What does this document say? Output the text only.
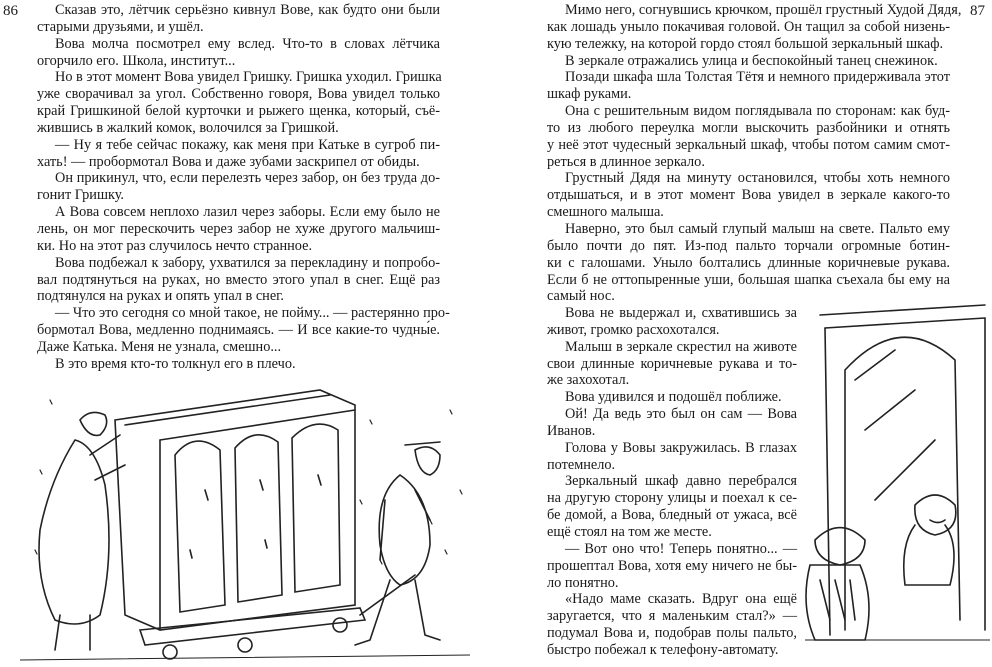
86	87
Сказав это, лётчик серьёзно кивнул Вове, как будто они были
старыми друзьями, и ушёл.
Вова молча посмотрел ему вслед. Что-то в словах лётчика
огорчило его. Школа, институт...
Но в этот момент Вова увидел Гришку. Гришка уходил. Гришка
уже сворачивал за угол. Собственно говоря, Вова увидел только
край Гришкиной белой курточки и рыжего щенка, который, съё-
жившись в жалкий комок, волочился за Гришкой.
— Ну я тебе сейчас покажу, как меня при Катьке в сугроб пи-
хать! — пробормотал Вова и даже зубами заскрипел от обиды.
Он прикинул, что, если перелезть через забор, он без труда до-
гонит Гришку.
А Вова совсем неплохо лазил через заборы. Если ему было не
лень, он мог перескочить через забор не хуже другого мальчиш-
ки. Но на этот раз случилось нечто странное.
Вова подбежал к забору, ухватился за перекладину и попробо-
вал подтянуться на руках, но вместо этого упал в снег. Ещё раз
подтянулся на руках и опять упал в снег.
— Что это сегодня со мной такое, не пойму... — растерянно про-
бормотал Вова, медленно поднимаясь. — И все какие-то чудны́е.
Даже Катька. Меня не узнала, смешно...
В это время кто-то толкнул его в плечо.
Мимо него, согнувшись крючком, прошёл грустный Худой Дядя,
как лошадь уныло покачивая головой. Он тащил за собой низень-
кую тележку, на которой гордо стоял большой зеркальный шкаф.
В зеркале отражались улица и беспокойный танец снежинок.
Позади шкафа шла Толстая Тётя и немного придерживала этот
шкаф руками.
Она с решительным видом поглядывала по сторонам: как буд-
то из любого переулка могли выскочить разбойники и отнять
у неё этот чудесный зеркальный шкаф, чтобы потом самим смот-
реться в длинное зеркало.
Грустный Дядя на минуту остановился, чтобы хоть немного
отдышаться, и в этот момент Вова увидел в зеркале какого-то
смешного малыша.
Наверно, это был самый глупый малыш на свете. Пальто ему
было почти до пят. Из-под пальто торчали огромные ботин-
ки с галошами. Уныло болтались длинные коричневые рукава.
Если б не оттопыренные уши, большая шапка съехала бы ему на
самый нос.
Вова не выдержал и, схватившись за
живот, громко расхохотался.
Малыш в зеркале скрестил на животе
свои длинные коричневые рукава и то-
же захохотал.
Вова удивился и подошёл поближе.
Ой! Да ведь это был он сам — Вова
Иванов.
Голова у Вовы закружилась. В глазах
потемнело.
Зеркальный шкаф давно перебрался
на другую сторону улицы и поехал к се-
бе домой, а Вова, бледный от ужаса, всё
ещё стоял на том же месте.
— Вот оно что! Теперь понятно... —
прошептал Вова, хотя ему ничего не бы-
ло понятно.
«Надо маме сказать. Вдруг она ещё
заругается, что я маленьким стал?» —
подумал Вова и, подобрав полы пальто,
быстро побежал к телефону-автомату.
